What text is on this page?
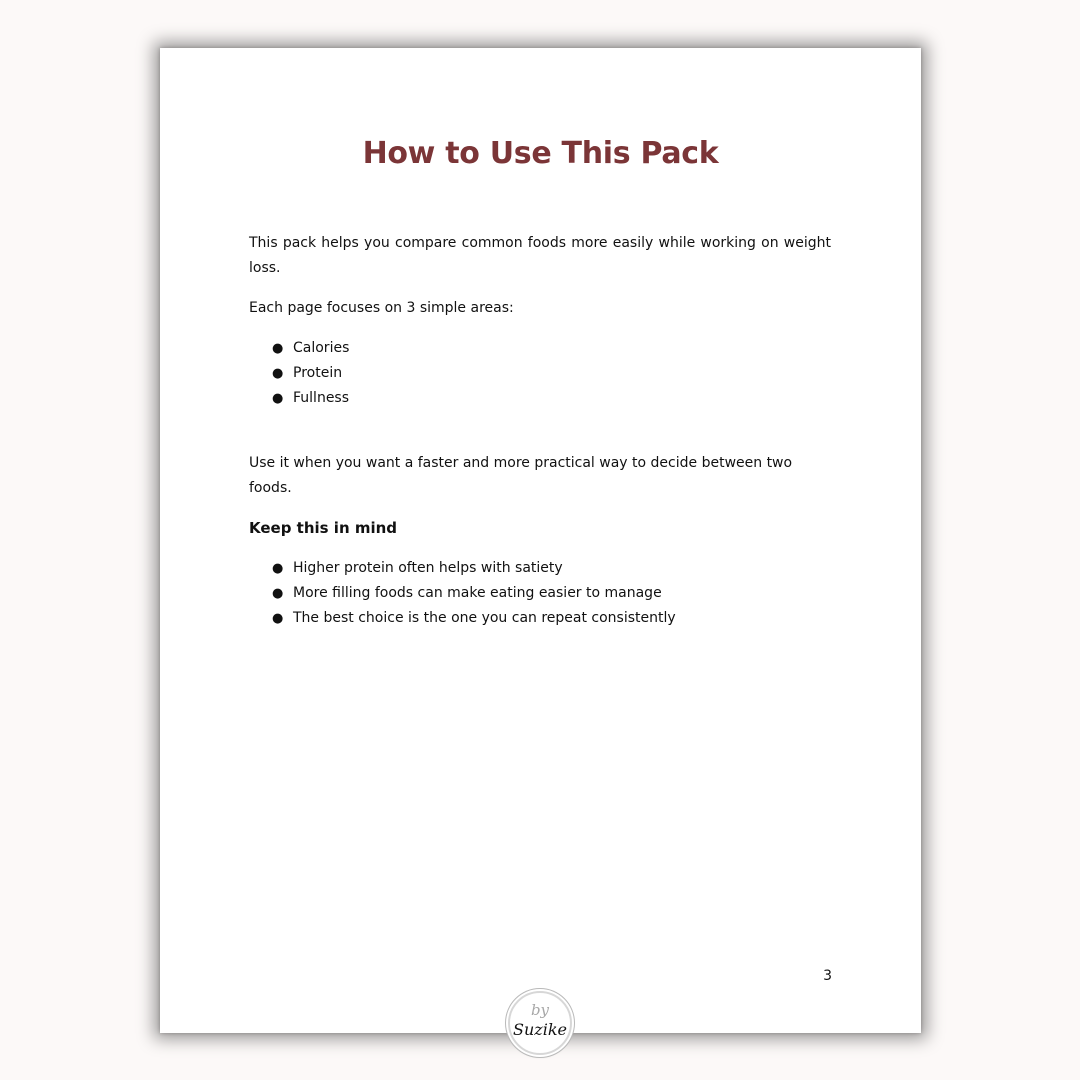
How to Use This Pack

This pack helps you compare common foods more easily while working on weight loss.

Each page focuses on 3 simple areas:

● Calories
● Protein
● Fullness

Use it when you want a faster and more practical way to decide between two foods.

Keep this in mind

● Higher protein often helps with satiety
● More filling foods can make eating easier to manage
● The best choice is the one you can repeat consistently
3
by
Suzike
